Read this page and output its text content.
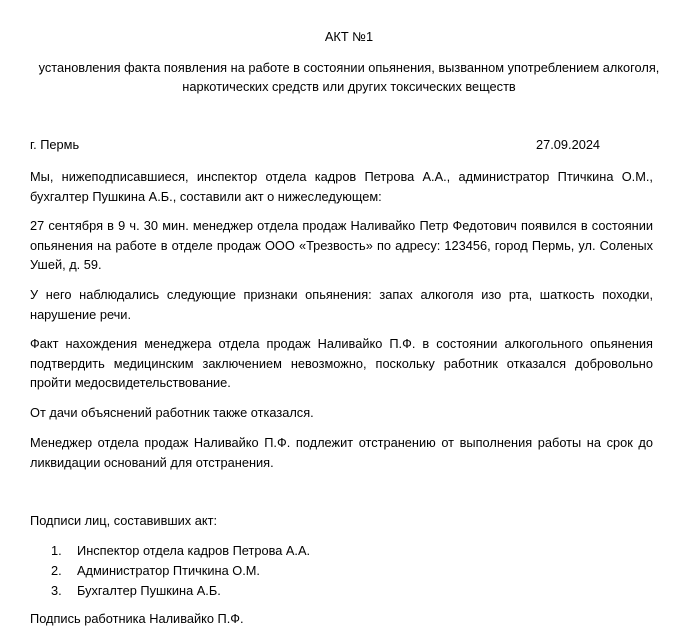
АКТ №1
установления факта появления на работе в состоянии опьянения, вызванном употреблением алкоголя, наркотических средств или других токсических веществ
г. Пермь	27.09.2024

Мы, нижеподписавшиеся, инспектор отдела кадров Петрова А.А., администратор Птичкина О.М., бухгалтер Пушкина А.Б., составили акт о нижеследующем:

27 сентября в 9 ч. 30 мин. менеджер отдела продаж Наливайко Петр Федотович появился в состоянии опьянения на работе в отделе продаж ООО «Трезвость» по адресу: 123456, город Пермь, ул. Соленых Ушей, д. 59.

У него наблюдались следующие признаки опьянения: запах алкоголя изо рта, шаткость походки, нарушение речи.

Факт нахождения менеджера отдела продаж Наливайко П.Ф. в состоянии алкогольного опьянения подтвердить медицинским заключением невозможно, поскольку работник отказался добровольно пройти медосвидетельствование.

От дачи объяснений работник также отказался.

Менеджер отдела продаж Наливайко П.Ф. подлежит отстранению от выполнения работы на срок до ликвидации оснований для отстранения.

Подписи лиц, составивших акт:
1.	Инспектор отдела кадров Петрова А.А.
2.	Администратор Птичкина О.М.
3.	Бухгалтер Пушкина А.Б.
Подпись работника Наливайко П.Ф.
